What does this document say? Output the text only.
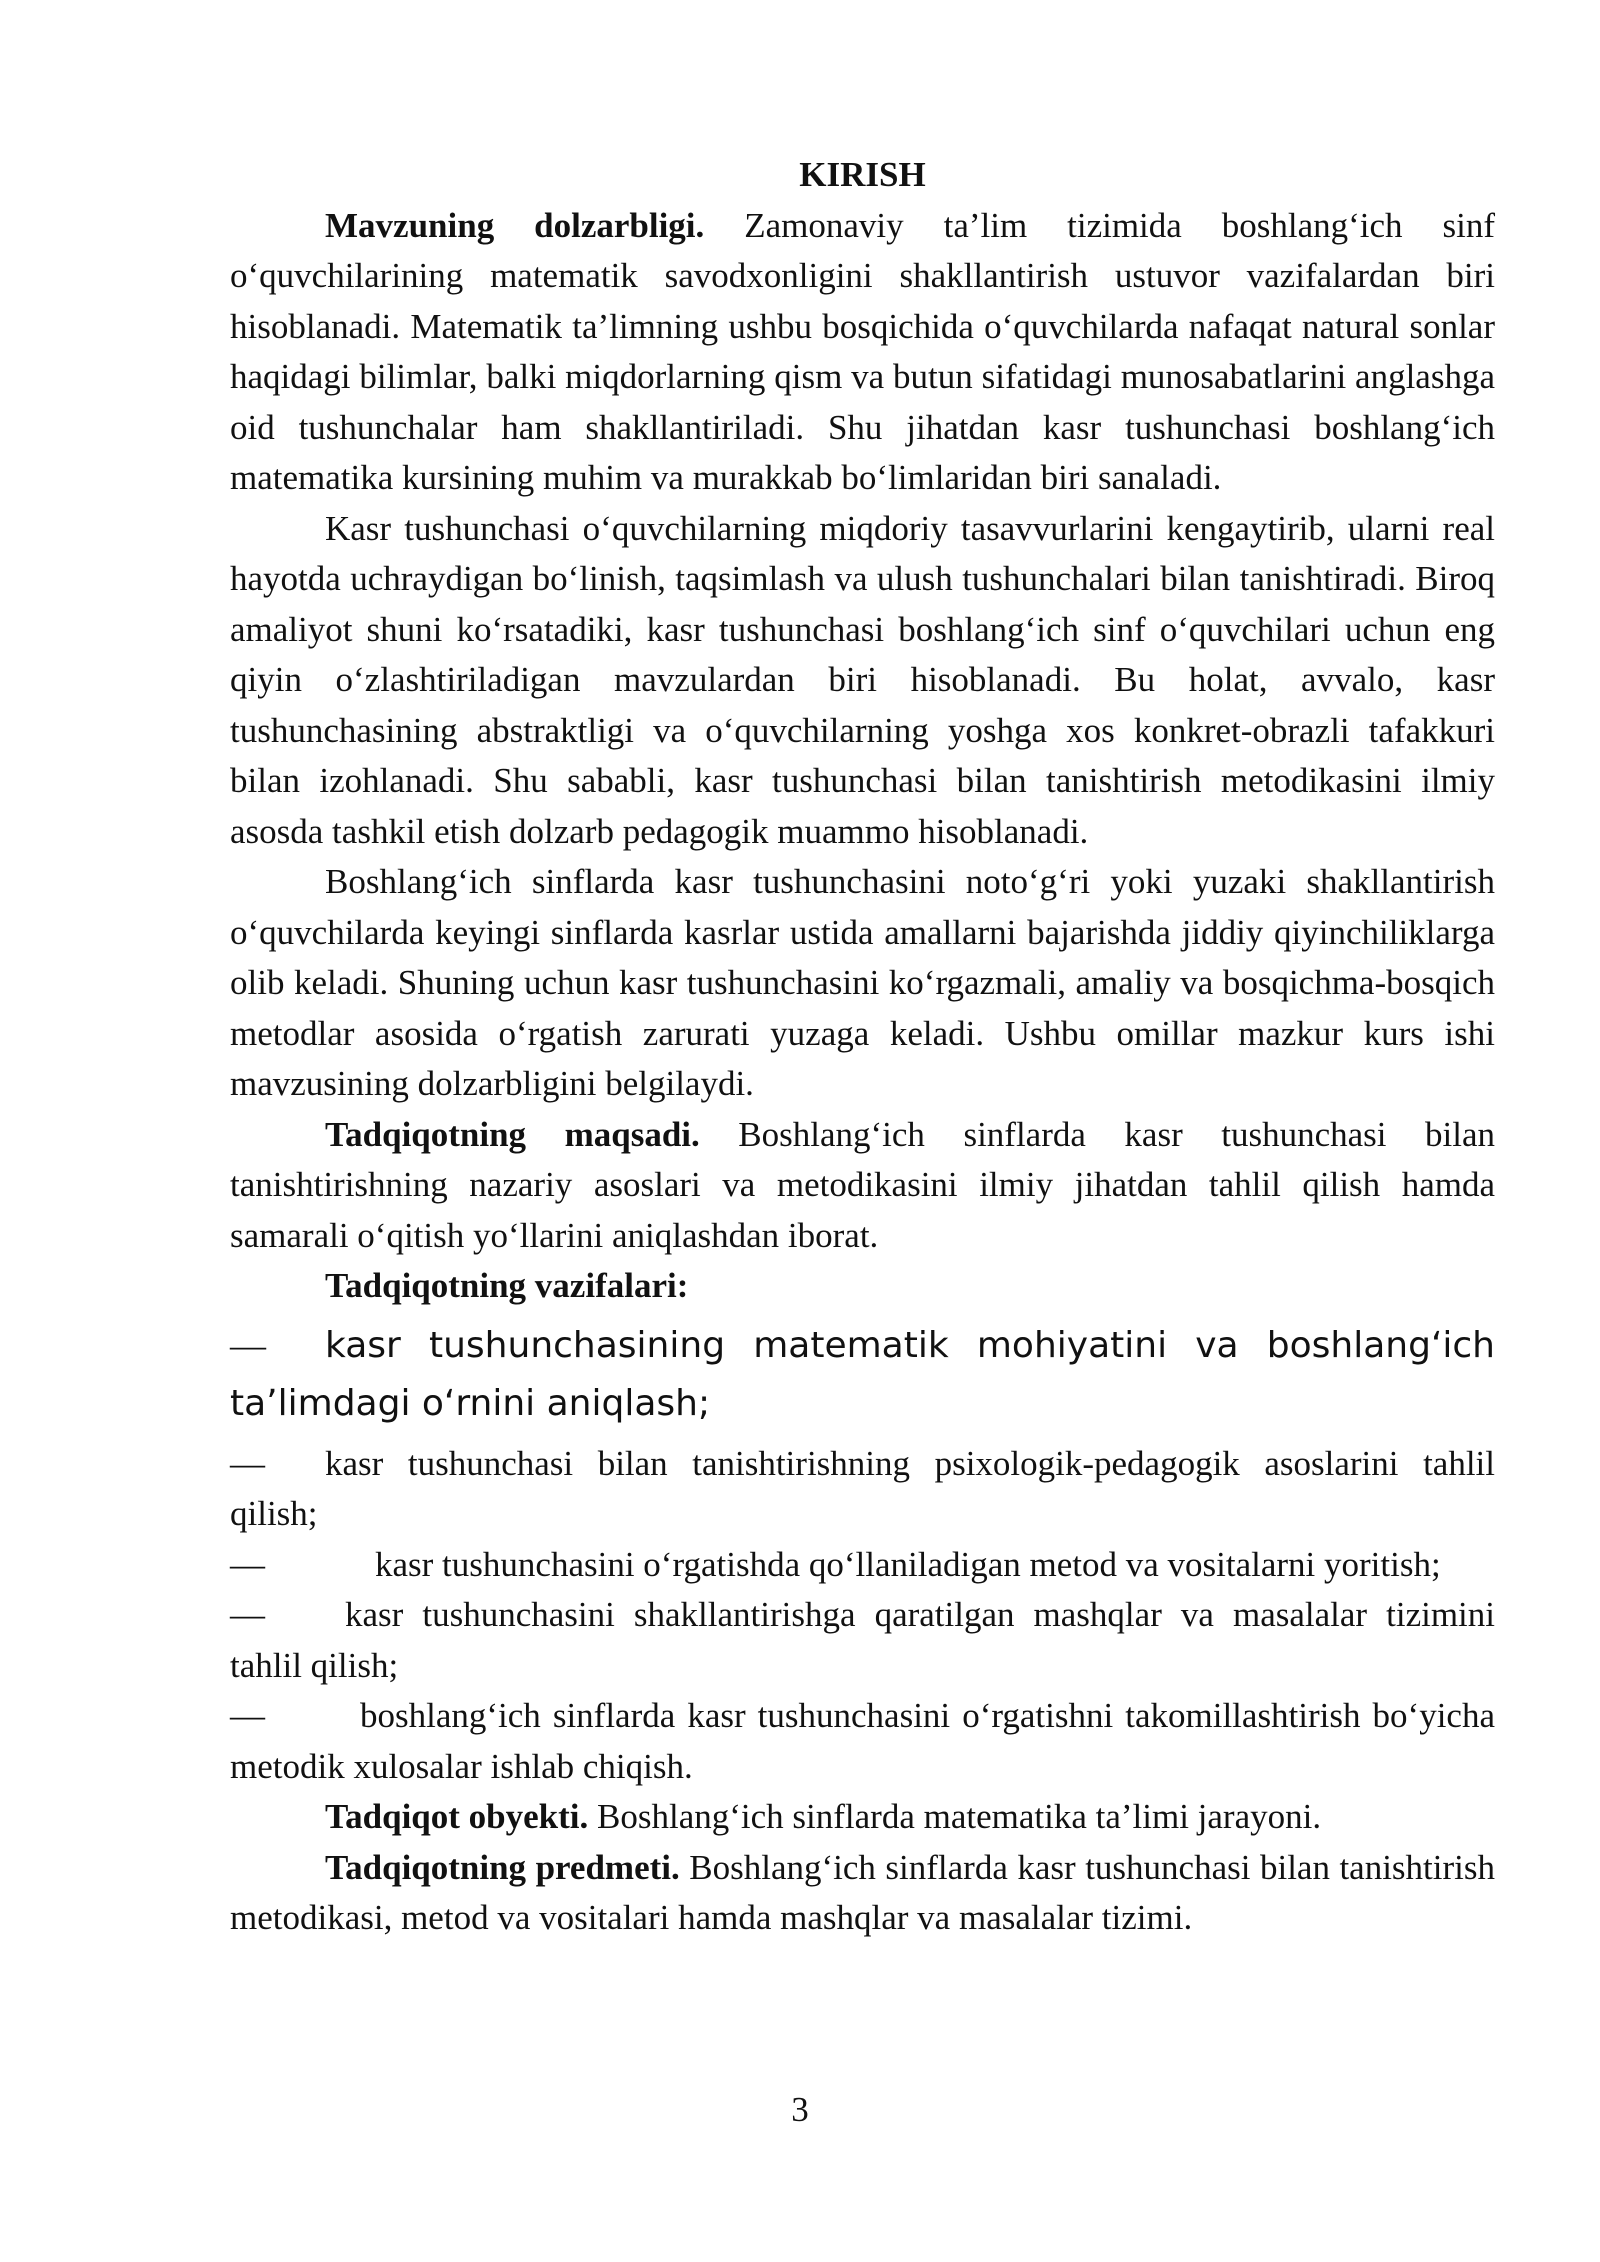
KIRISH

Mavzuning dolzarbligi. Zamonaviy ta’lim tizimida boshlang‘ich sinf o‘quvchilarining matematik savodxonligini shakllantirish ustuvor vazifalardan biri hisoblanadi. Matematik ta’limning ushbu bosqichida o‘quvchilarda nafaqat natural sonlar haqidagi bilimlar, balki miqdorlarning qism va butun sifatidagi munosabatlarini anglashga oid tushunchalar ham shakllantiriladi. Shu jihatdan kasr tushunchasi boshlang‘ich matematika kursining muhim va murakkab bo‘limlaridan biri sanaladi.

Kasr tushunchasi o‘quvchilarning miqdoriy tasavvurlarini kengaytirib, ularni real hayotda uchraydigan bo‘linish, taqsimlash va ulush tushunchalari bilan tanishtiradi. Biroq amaliyot shuni ko‘rsatadiki, kasr tushunchasi boshlang‘ich sinf o‘quvchilari uchun eng qiyin o‘zlashtiriladigan mavzulardan biri hisoblanadi. Bu holat, avvalo, kasr tushunchasining abstraktligi va o‘quvchilarning yoshga xos konkret-obrazli tafakkuri bilan izohlanadi. Shu sababli, kasr tushunchasi bilan tanishtirish metodikasini ilmiy asosda tashkil etish dolzarb pedagogik muammo hisoblanadi.

Boshlang‘ich sinflarda kasr tushunchasini noto‘g‘ri yoki yuzaki shakllantirish o‘quvchilarda keyingi sinflarda kasrlar ustida amallarni bajarishda jiddiy qiyinchiliklarga olib keladi. Shuning uchun kasr tushunchasini ko‘rgazmali, amaliy va bosqichma-bosqich metodlar asosida o‘rgatish zarurati yuzaga keladi. Ushbu omillar mazkur kurs ishi mavzusining dolzarbligini belgilaydi.

Tadqiqotning maqsadi. Boshlang‘ich sinflarda kasr tushunchasi bilan tanishtirishning nazariy asoslari va metodikasini ilmiy jihatdan tahlil qilish hamda samarali o‘qitish yo‘llarini aniqlashdan iborat.

Tadqiqotning vazifalari:

— kasr tushunchasining matematik mohiyatini va boshlang‘ich ta’limdagi o‘rnini aniqlash;

— kasr tushunchasi bilan tanishtirishning psixologik-pedagogik asoslarini tahlil qilish;

—	kasr tushunchasini o‘rgatishda qo‘llaniladigan metod va vositalarni yoritish;

— kasr tushunchasini shakllantirishga qaratilgan mashqlar va masalalar tizimini tahlil qilish;

—	boshlang‘ich sinflarda kasr tushunchasini o‘rgatishni takomillashtirish bo‘yicha metodik xulosalar ishlab chiqish.

Tadqiqot obyekti. Boshlang‘ich sinflarda matematika ta’limi jarayoni.

Tadqiqotning predmeti. Boshlang‘ich sinflarda kasr tushunchasi bilan tanishtirish metodikasi, metod va vositalari hamda mashqlar va masalalar tizimi.

3
